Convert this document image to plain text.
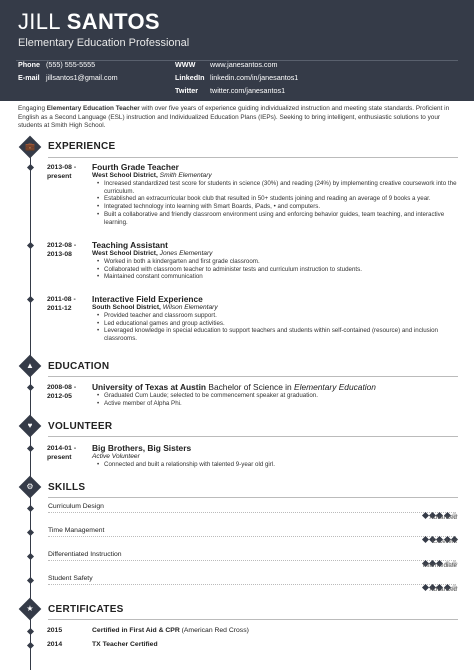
JILL SANTOS
Elementary Education Professional
Phone (555) 555-5555
E-mail jillsantos1@gmail.com
WWW www.janesantos.com
LinkedIn linkedin.com/in/janesantos1
Twitter twitter.com/janesantos1
Engaging Elementary Education Teacher with over five years of experience guiding individualized instruction and meeting state standards. Proficient in English as a Second Language (ESL) instruction and Individualized Education Plans (IEPs). Seeking to bring intelligent, enthusiastic solutions to your students at Smith High School.
💼	EXPERIENCE
2013-08 -
present
Fourth Grade Teacher
West School District, Smith Elementary
• Increased standardized test score for students in science (30%) and reading (24%) by implementing creative coursework into the curriculum.
• Established an extracurricular book club that resulted in 50+ students joining and reading an average of 9 books a year.
• Integrated technology into learning with Smart Boards, iPads, • and computers.
• Built a collaborative and friendly classroom environment using and enforcing behavior guides, team teaching, and interactive learning.
2012-08 -
2013-08
Teaching Assistant
West School District, Jones Elementary
• Worked in both a kindergarten and first grade classroom.
• Collaborated with classroom teacher to administer tests and curriculum instruction to students.
• Maintained constant communication
2011-08 -
2011-12
Interactive Field Experience
South School District, Wilson Elementary
• Provided teacher and classroom support.
• Led educational games and group activities.
• Leveraged knowledge in special education to support teachers and students within self-contained (resource) and inclusion classrooms.
▲	EDUCATION
2008-08 -
2012-05
University of Texas at Austin Bachelor of Science in Elementary Education
• Graduated Cum Laude; selected to be commencement speaker at graduation.
• Active member of Alpha Phi.
♥	VOLUNTEER
2014-01 -
present
Big Brothers, Big Sisters
Active Volunteer
• Connected and built a relationship with talented 9-year old girl.
⚙	SKILLS
Curriculum Design
Advanced
Time Management
Excellent
Differentiated Instruction
Intermediate
Student Safety
Advanced
★	CERTIFICATES
2015	Certified in First Aid & CPR (American Red Cross)
2014	TX Teacher Certified
